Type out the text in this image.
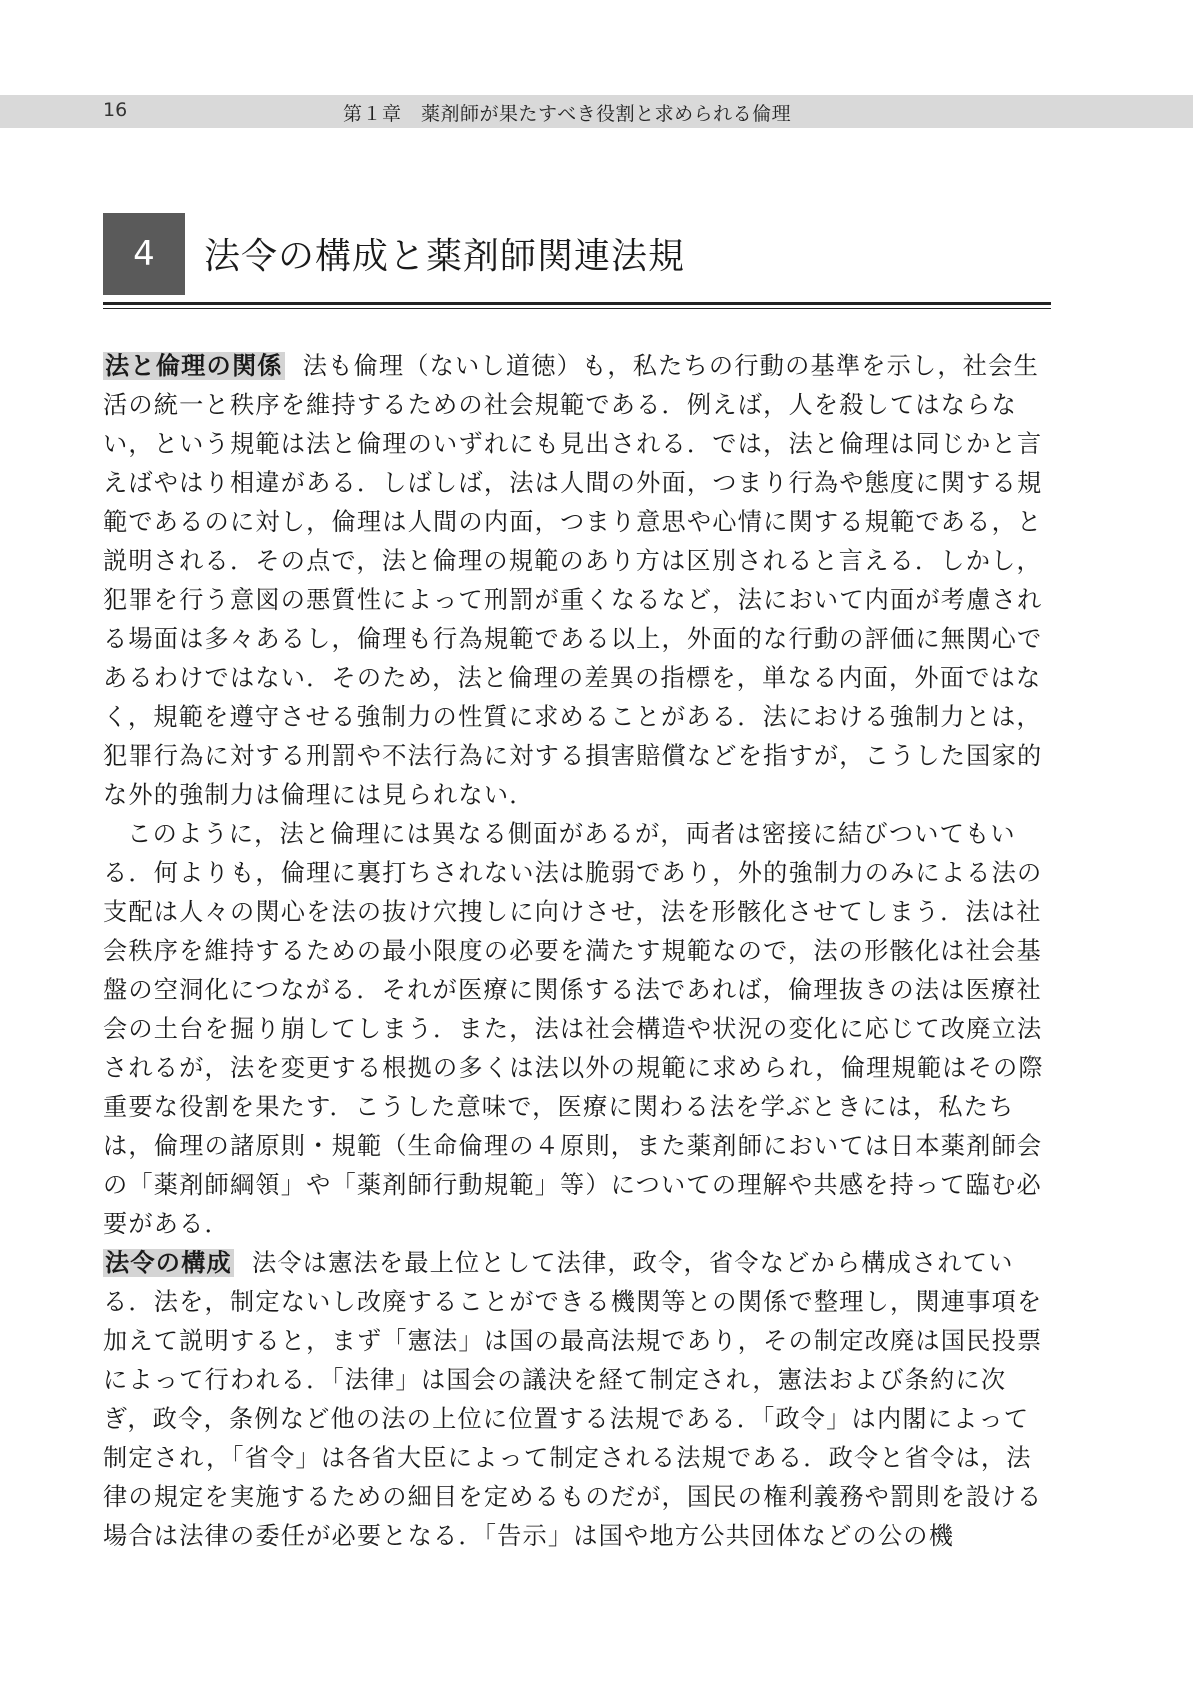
16	第１章　薬剤師が果たすべき役割と求められる倫理
4 法令の構成と薬剤師関連法規

法と倫理の関係 法も倫理（ないし道徳）も，私たちの行動の基準を示し，社会生活の統一と秩序を維持するための社会規範である．例えば，人を殺してはならない，という規範は法と倫理のいずれにも見出される．では，法と倫理は同じかと言えばやはり相違がある．しばしば，法は人間の外面，つまり行為や態度に関する規範であるのに対し，倫理は人間の内面，つまり意思や心情に関する規範である，と説明される．その点で，法と倫理の規範のあり方は区別されると言える．しかし，犯罪を行う意図の悪質性によって刑罰が重くなるなど，法において内面が考慮される場面は多々あるし，倫理も行為規範である以上，外面的な行動の評価に無関心であるわけではない．そのため，法と倫理の差異の指標を，単なる内面，外面ではなく，規範を遵守させる強制力の性質に求めることがある．法における強制力とは，犯罪行為に対する刑罰や不法行為に対する損害賠償などを指すが，こうした国家的な外的強制力は倫理には見られない．

このように，法と倫理には異なる側面があるが，両者は密接に結びついてもいる．何よりも，倫理に裏打ちされない法は脆弱であり，外的強制力のみによる法の支配は人々の関心を法の抜け穴捜しに向けさせ，法を形骸化させてしまう．法は社会秩序を維持するための最小限度の必要を満たす規範なので，法の形骸化は社会基盤の空洞化につながる．それが医療に関係する法であれば，倫理抜きの法は医療社会の土台を掘り崩してしまう．また，法は社会構造や状況の変化に応じて改廃立法されるが，法を変更する根拠の多くは法以外の規範に求められ，倫理規範はその際重要な役割を果たす．こうした意味で，医療に関わる法を学ぶときには，私たちは，倫理の諸原則・規範（生命倫理の４原則，また薬剤師においては日本薬剤師会の「薬剤師綱領」や「薬剤師行動規範」等）についての理解や共感を持って臨む必要がある．

法令の構成 法令は憲法を最上位として法律，政令，省令などから構成されている．法を，制定ないし改廃することができる機関等との関係で整理し，関連事項を加えて説明すると，まず「憲法」は国の最高法規であり，その制定改廃は国民投票によって行われる．「法律」は国会の議決を経て制定され，憲法および条約に次ぎ，政令，条例など他の法の上位に位置する法規である．「政令」は内閣によって制定され，「省令」は各省大臣によって制定される法規である．政令と省令は，法律の規定を実施するための細目を定めるものだが，国民の権利義務や罰則を設ける場合は法律の委任が必要となる．「告示」は国や地方公共団体などの公の機
